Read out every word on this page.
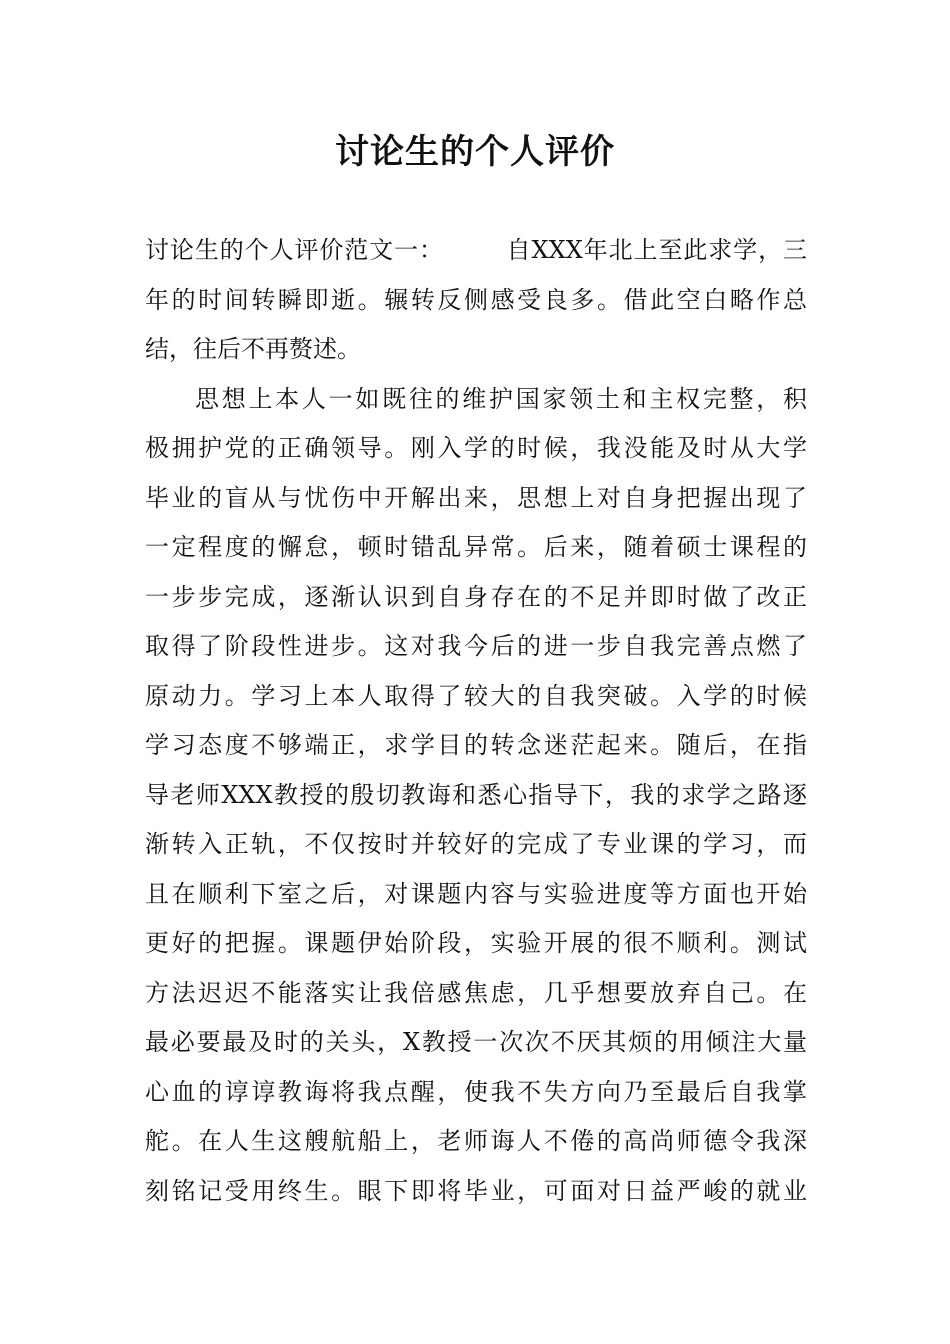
讨论生的个人评价
讨论生的个人评价范文一：　　　自XXX年北上至此求学，三
年的时间转瞬即逝。辗转反侧感受良多。借此空白略作总
结，往后不再赘述。
思想上本人一如既往的维护国家领土和主权完整，积
极拥护党的正确领导。刚入学的时候，我没能及时从大学
毕业的盲从与忧伤中开解出来，思想上对自身把握出现了
一定程度的懈怠，顿时错乱异常。后来，随着硕士课程的
一步步完成，逐渐认识到自身存在的不足并即时做了改正
取得了阶段性进步。这对我今后的进一步自我完善点燃了
原动力。学习上本人取得了较大的自我突破。入学的时候
学习态度不够端正，求学目的转念迷茫起来。随后，在指
导老师XXX教授的殷切教诲和悉心指导下，我的求学之路逐
渐转入正轨，不仅按时并较好的完成了专业课的学习，而
且在顺利下室之后，对课题内容与实验进度等方面也开始
更好的把握。课题伊始阶段，实验开展的很不顺利。测试
方法迟迟不能落实让我倍感焦虑，几乎想要放弃自己。在
最必要最及时的关头，X教授一次次不厌其烦的用倾注大量
心血的谆谆教诲将我点醒，使我不失方向乃至最后自我掌
舵。在人生这艘航船上，老师诲人不倦的高尚师德令我深
刻铭记受用终生。眼下即将毕业，可面对日益严峻的就业
